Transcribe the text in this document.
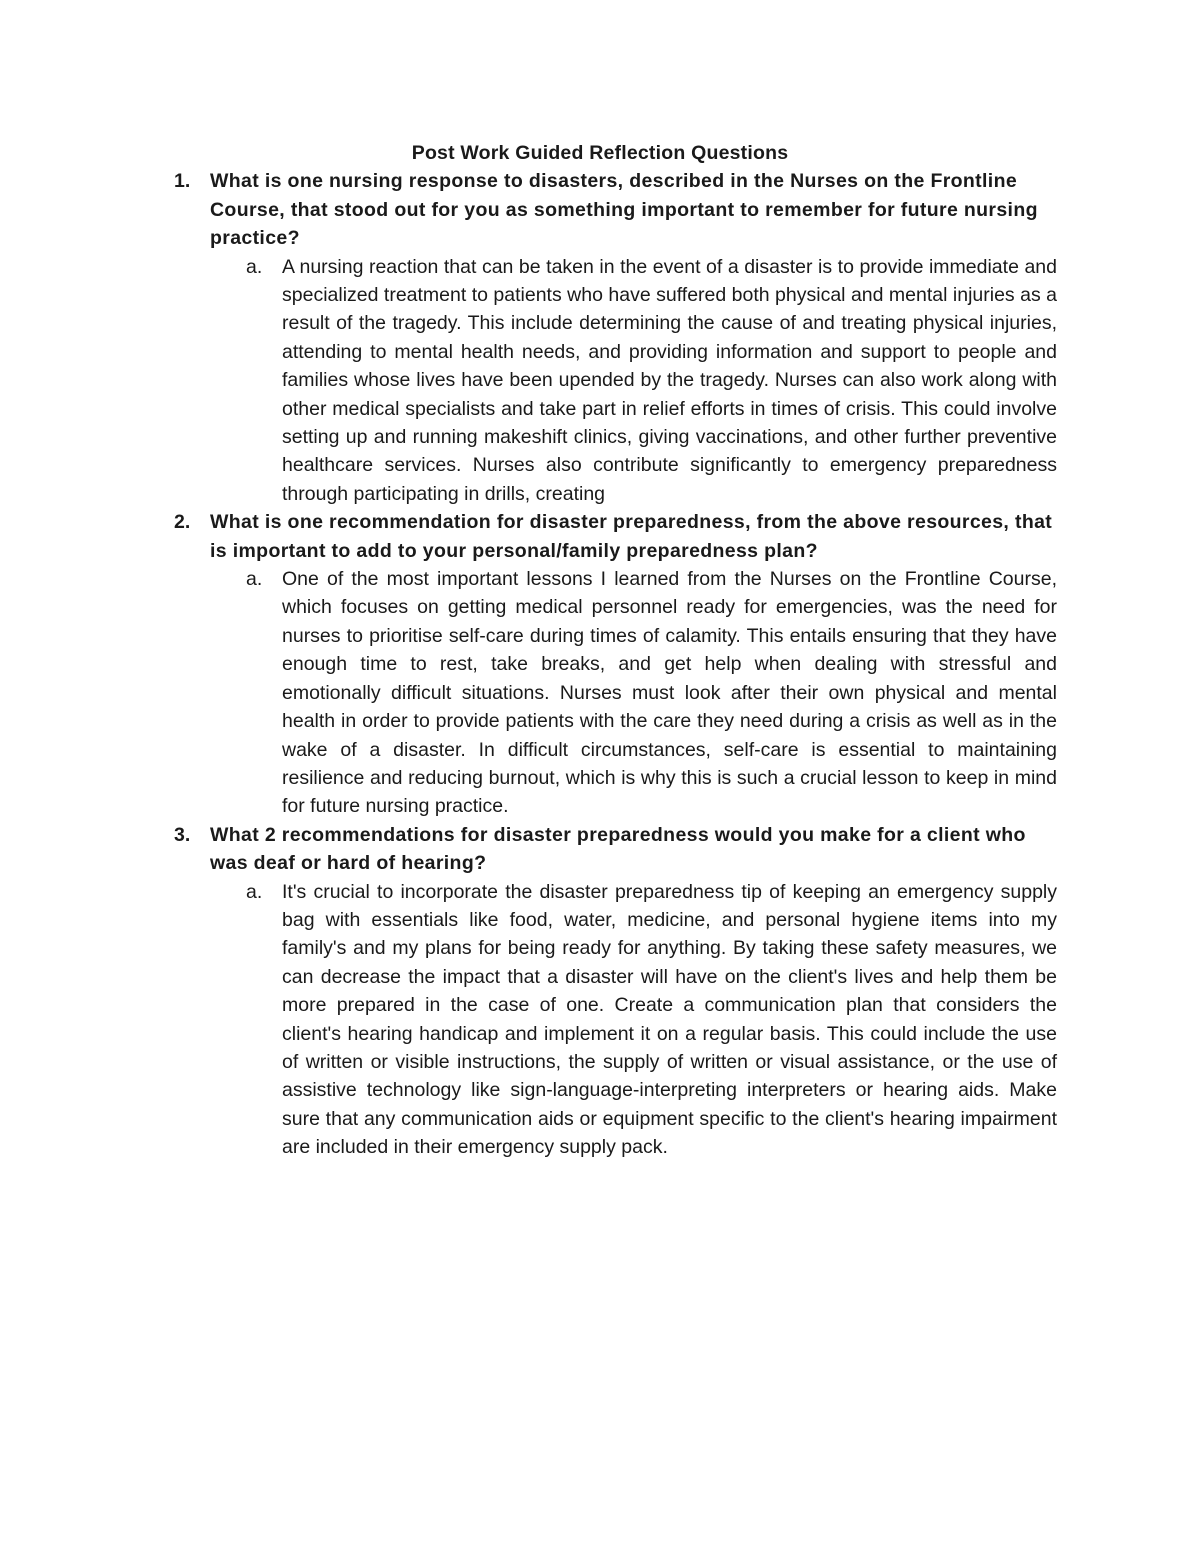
Post Work Guided Reflection Questions
1. What is one nursing response to disasters, described in the Nurses on the Frontline Course, that stood out for you as something important to remember for future nursing practice?

a. A nursing reaction that can be taken in the event of a disaster is to provide immediate and specialized treatment to patients who have suffered both physical and mental injuries as a result of the tragedy. This include determining the cause of and treating physical injuries, attending to mental health needs, and providing information and support to people and families whose lives have been upended by the tragedy. Nurses can also work along with other medical specialists and take part in relief efforts in times of crisis. This could involve setting up and running makeshift clinics, giving vaccinations, and other further preventive healthcare services. Nurses also contribute significantly to emergency preparedness through participating in drills, creating

2. What is one recommendation for disaster preparedness, from the above resources, that is important to add to your personal/family preparedness plan?

a. One of the most important lessons I learned from the Nurses on the Frontline Course, which focuses on getting medical personnel ready for emergencies, was the need for nurses to prioritise self-care during times of calamity. This entails ensuring that they have enough time to rest, take breaks, and get help when dealing with stressful and emotionally difficult situations. Nurses must look after their own physical and mental health in order to provide patients with the care they need during a crisis as well as in the wake of a disaster. In difficult circumstances, self-care is essential to maintaining resilience and reducing burnout, which is why this is such a crucial lesson to keep in mind for future nursing practice.

3. What 2 recommendations for disaster preparedness would you make for a client who was deaf or hard of hearing?

a. It's crucial to incorporate the disaster preparedness tip of keeping an emergency supply bag with essentials like food, water, medicine, and personal hygiene items into my family's and my plans for being ready for anything. By taking these safety measures, we can decrease the impact that a disaster will have on the client's lives and help them be more prepared in the case of one. Create a communication plan that considers the client's hearing handicap and implement it on a regular basis. This could include the use of written or visible instructions, the supply of written or visual assistance, or the use of assistive technology like sign-language-interpreting interpreters or hearing aids. Make sure that any communication aids or equipment specific to the client's hearing impairment are included in their emergency supply pack.
